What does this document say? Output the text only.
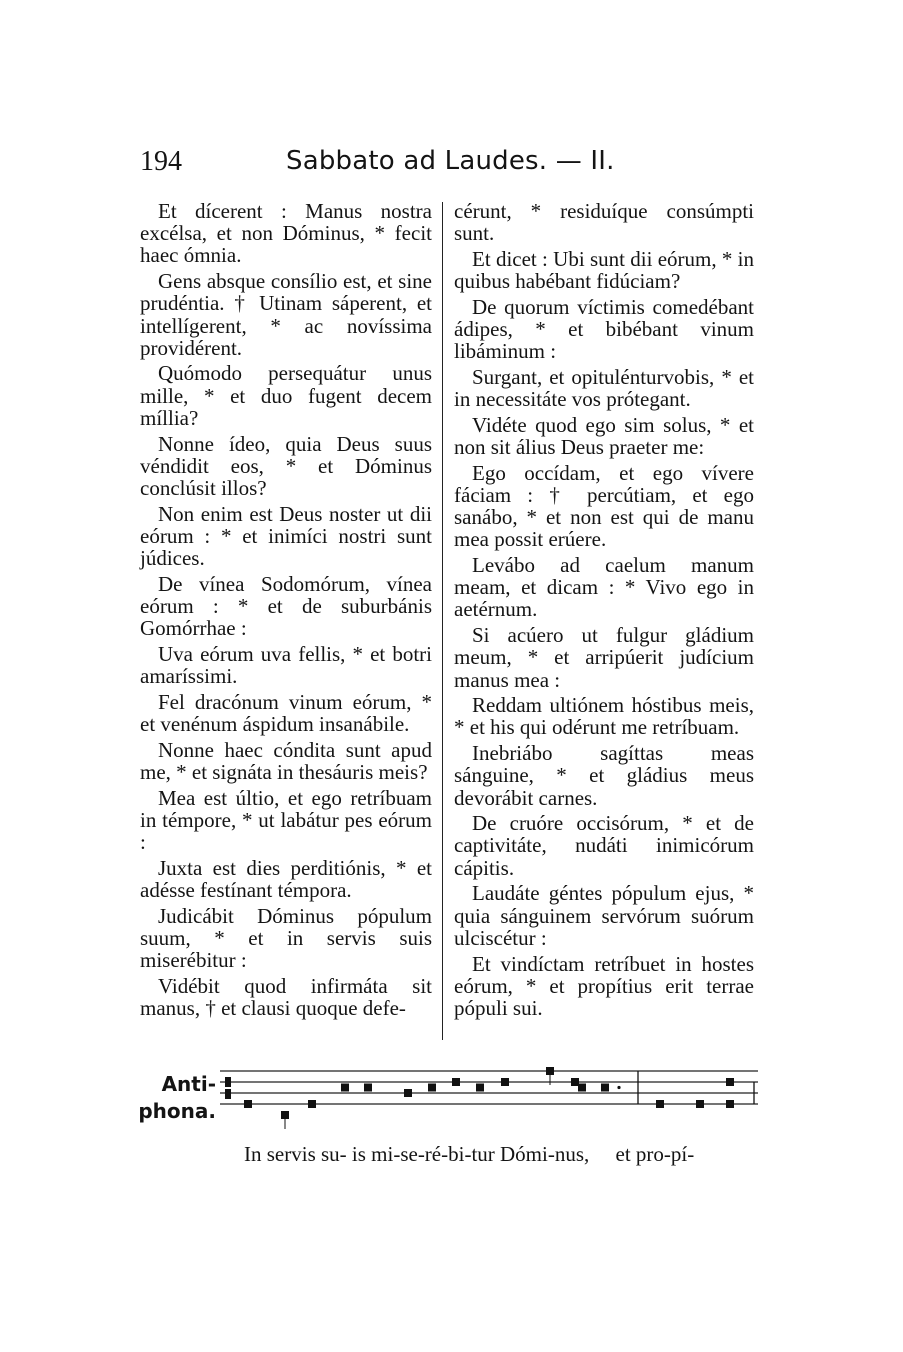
194	Sabbato ad Laudes. — II.

Et dícerent : Manus nostra excélsa, et non Dóminus, * fecit haec ómnia.

Gens absque consílio est, et sine prudéntia. † Utinam sáperent, et intellígerent, * ac novíssima providérent.

Quómodo persequátur unus mille, * et duo fugent decem míllia?

Nonne ídeo, quia Deus suus véndidit eos, * et Dóminus conclúsit illos?

Non enim est Deus noster ut dii eórum : * et inimíci nostri sunt júdices.

De vínea Sodomórum, vínea eórum : * et de suburbánis Gomórrhae :

Uva eórum uva fellis, * et botri amaríssimi.

Fel dracónum vinum eórum, * et venénum áspidum insanábile.

Nonne haec cóndita sunt apud me, * et signáta in thesáuris meis?

Mea est últio, et ego retríbuam in témpore, * ut labátur pes eórum :

Juxta est dies perditiónis, * et adésse festínant témpora.

Judicábit Dóminus pópulum suum, * et in servis suis miserébitur :

Vidébit quod infirmáta sit manus, † et clausi quoque defe-

cérunt, * residuíque consúmpti sunt.

Et dicet : Ubi sunt dii eórum, * in quibus habébant fidúciam?

De quorum víctimis comedébant ádipes, * et bibébant vinum libáminum :

Surgant, et opitulénturvobis, * et in necessitáte vos prótegant.

Vidéte quod ego sim solus, * et non sit álius Deus praeter me:

Ego occídam, et ego vívere fáciam : † percútiam, et ego sanábo, * et non est qui de manu mea possit erúere.

Levábo ad caelum manum meam, et dicam : * Vivo ego in aetérnum.

Si acúero ut fulgur gládium meum, * et arripúerit judícium manus mea :

Reddam ultiónem hóstibus meis, * et his qui odérunt me retríbuam.

Inebriábo sagíttas meas sánguine, * et gládius meus devorábit carnes.

De cruóre occisórum, * et de captivitáte, nudáti inimicórum cápitis.

Laudáte géntes pópulum ejus, * quia sánguinem servórum suórum ulciscétur :

Et vindíctam retríbuet in hostes eórum, * et propítius erit terrae pópuli sui.

Anti-
phona.
In servis su- is mi-se-ré-bi-tur Dómi-nus,     et pro-pí-
